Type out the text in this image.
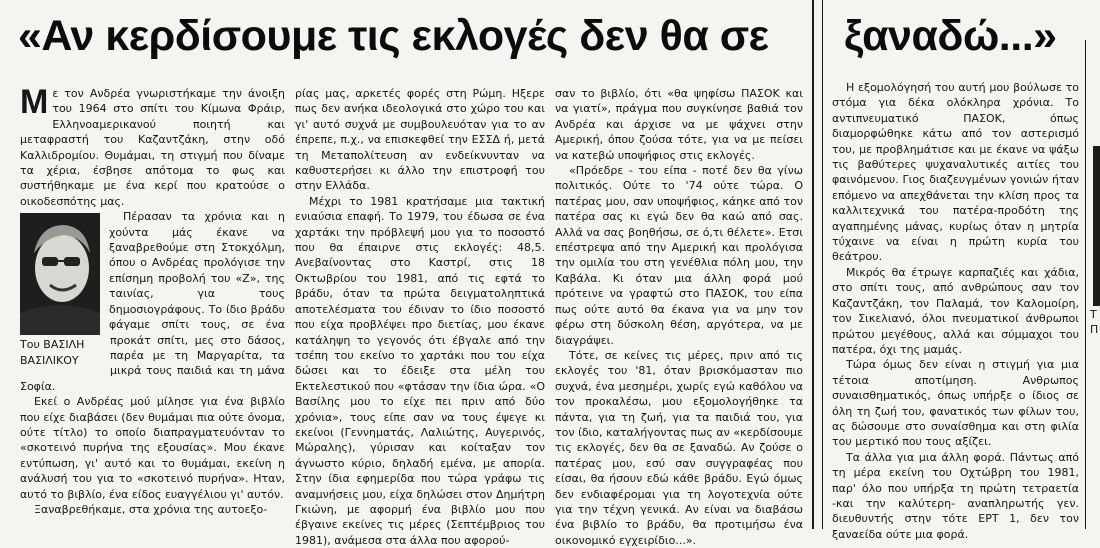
«Αν κερδίσουμε τις εκλογές δεν θα σε ξαναδώ...»

Με τον Ανδρέα γνωριστήκαμε την άνοιξη του 1964 στο σπίτι του Κίμωνα Φράιρ, Ελληνοαμερικανού ποιητή και μεταφραστή του Καζαντζάκη, στην οδό Καλλιδρομίου. Θυμάμαι, τη στιγμή που δίναμε τα χέρια, έσβησε απότομα το φως και συστήθηκαμε με ένα κερί που κρατούσε ο οικοδεσπότης μας.

Του ΒΑΣΙΛΗ ΒΑΣΙΛΙΚΟΥ

Πέρασαν τα χρόνια και η χούντα μάς έκανε να ξαναβρεθούμε στη Στοκχόλμη, όπου ο Ανδρέας προλόγισε την επίσημη προβολή του «Ζ», της ταινίας, για τους δημοσιογράφους. Το ίδιο βράδυ φάγαμε σπίτι τους, σε ένα προκάτ σπίτι, μες στο δάσος, παρέα με τη Μαργαρίτα, τα μικρά τους παιδιά και τη μάνα Σοφία.

Εκεί ο Ανδρέας μού μίλησε για ένα βιβλίο που είχε διαβάσει (δεν θυμάμαι πια ούτε όνομα, ούτε τίτλο) το οποίο διαπραγματευόνταν το «σκοτεινό πυρήνα της εξουσίας». Μου έκανε εντύπωση, γι' αυτό και το θυμάμαι, εκείνη η ανάλυσή του για το «σκοτεινό πυρήνα». Ηταν, αυτό το βιβλίο, ένα είδος ευαγγέλιου γι' αυτόν.

Ξαναβρεθήκαμε, στα χρόνια της αυτοεξο-

ρίας μας, αρκετές φορές στη Ρώμη. Ηξερε πως δεν ανήκα ιδεολογικά στο χώρο του και γι' αυτό συχνά με συμβουλευόταν για το αν έπρεπε, π.χ., να επισκεφθεί την ΕΣΣΔ ή, μετά τη Μεταπολίτευση αν ενδείκνυνταν να καθυστερήσει κι άλλο την επιστροφή του στην Ελλάδα.

Μέχρι το 1981 κρατήσαμε μια τακτική ενιαύσια επαφή. Το 1979, του έδωσα σε ένα χαρτάκι την πρόβλεψή μου για το ποσοστό που θα έπαιρνε στις εκλογές: 48,5. Ανεβαίνοντας στο Καστρί, στις 18 Οκτωβρίου του 1981, από τις εφτά το βράδυ, όταν τα πρώτα δειγματοληπτικά αποτελέσματα του έδιναν το ίδιο ποσοστό που είχα προβλέψει προ διετίας, μου έκανε κατάληψη το γεγονός ότι έβγαλε από την τσέπη του εκείνο το χαρτάκι που του είχα δώσει και το έδειξε στα μέλη του Εκτελεστικού που «φτάσαν την ίδια ώρα. «Ο Βασίλης μου το είχε πει πριν από δύο χρόνια», τους είπε σαν να τους έψεγε κι εκείνοι (Γεννηματάς, Λαλιώτης, Αυγερινός, Μώραλης), γύρισαν και κοίταξαν τον άγνωστο κύριο, δηλαδή εμένα, με απορία. Στην ίδια εφημερίδα που τώρα γράφω τις αναμνήσεις μου, είχα δηλώσει στον Δημήτρη Γκιώνη, με αφορμή ένα βιβλίο μου που έβγαινε εκείνες τις μέρες (Σεπτέμβριος του 1981), ανάμεσα στα άλλα που αφορού-

σαν το βιβλίο, ότι «θα ψηφίσω ΠΑΣΟΚ και να γιατί», πράγμα που συγκίνησε βαθιά τον Ανδρέα και άρχισε να με ψάχνει στην Αμερική, όπου ζούσα τότε, για να με πείσει να κατεβώ υποψήφιος στις εκλογές.

«Πρόεδρε - του είπα - ποτέ δεν θα γίνω πολιτικός. Ούτε το '74 ούτε τώρα. Ο πατέρας μου, σαν υποψήφιος, κάηκε από τον πατέρα σας κι εγώ δεν θα καώ από σας. Αλλά να σας βοηθήσω, σε ό,τι θέλετε». Ετσι επέστρεψα από την Αμερική και προλόγισα την ομιλία του στη γενέθλια πόλη μου, την Καβάλα. Κι όταν μια άλλη φορά μού πρότεινε να γραφτώ στο ΠΑΣΟΚ, του είπα πως ούτε αυτό θα έκανα για να μην τον φέρω στη δύσκολη θέση, αργότερα, να με διαγράψει.

Τότε, σε κείνες τις μέρες, πριν από τις εκλογές του '81, όταν βρισκόμασταν πιο συχνά, ένα μεσημέρι, χωρίς εγώ καθόλου να τον προκαλέσω, μου εξομολογήθηκε τα πάντα, για τη ζωή, για τα παιδιά του, για τον ίδιο, καταλήγοντας πως αν «κερδίσουμε τις εκλογές, δεν θα σε ξαναδώ. Αν ζούσε ο πατέρας μου, εσύ σαν συγγραφέας που είσαι, θα ήσουν εδώ κάθε βράδυ. Εγώ όμως δεν ενδιαφέρομαι για τη λογοτεχνία ούτε για την τέχνη γενικά. Αν είναι να διαβάσω ένα βιβλίο το βράδυ, θα προτιμήσω ένα οικονομικό εγχειρίδιο...».

Η εξομολόγησή του αυτή μου βούλωσε το στόμα για δέκα ολόκληρα χρόνια. Το αντιπνευματικό ΠΑΣΟΚ, όπως διαμορφώθηκε κάτω από τον αστερισμό του, με προβλημάτισε και με έκανε να ψάξω τις βαθύτερες ψυχαναλυτικές αιτίες του φαινόμενου. Γιος διαζευγμένων γονιών ήταν επόμενο να απεχθάνεται την κλίση προς τα καλλιτεχνικά του πατέρα-προδότη της αγαπημένης μάνας, κυρίως όταν η μητρία τύχαινε να είναι η πρώτη κυρία του θεάτρου.

Μικρός θα έτρωγε καρπαζιές και χάδια, στο σπίτι τους, από ανθρώπους σαν τον Καζαντζάκη, τον Παλαμά, τον Καλομοίρη, τον Σικελιανό, όλοι πνευματικοί άνθρωποι πρώτου μεγέθους, αλλά και σύμμαχοι του πατέρα, όχι της μαμάς.

Τώρα όμως δεν είναι η στιγμή για μια τέτοια αποτίμηση. Ανθρωπος συναισθηματικός, όπως υπήρξε ο ίδιος σε όλη τη ζωή του, φανατικός των φίλων του, ας δώσουμε στο συναίσθημα και στη φιλία του μερτικό που τους αξίζει.

Τα άλλα για μια άλλη φορά. Πάντως από τη μέρα εκείνη του Οχτώβρη του 1981, παρ' όλο που υπήρξα τη πρώτη τετραετία -και την καλύτερη- αναπληρωτής γεν. διευθυντής στην τότε ΕΡΤ 1, δεν τον ξαναείδα ούτε μια φορά.

Τ Π
